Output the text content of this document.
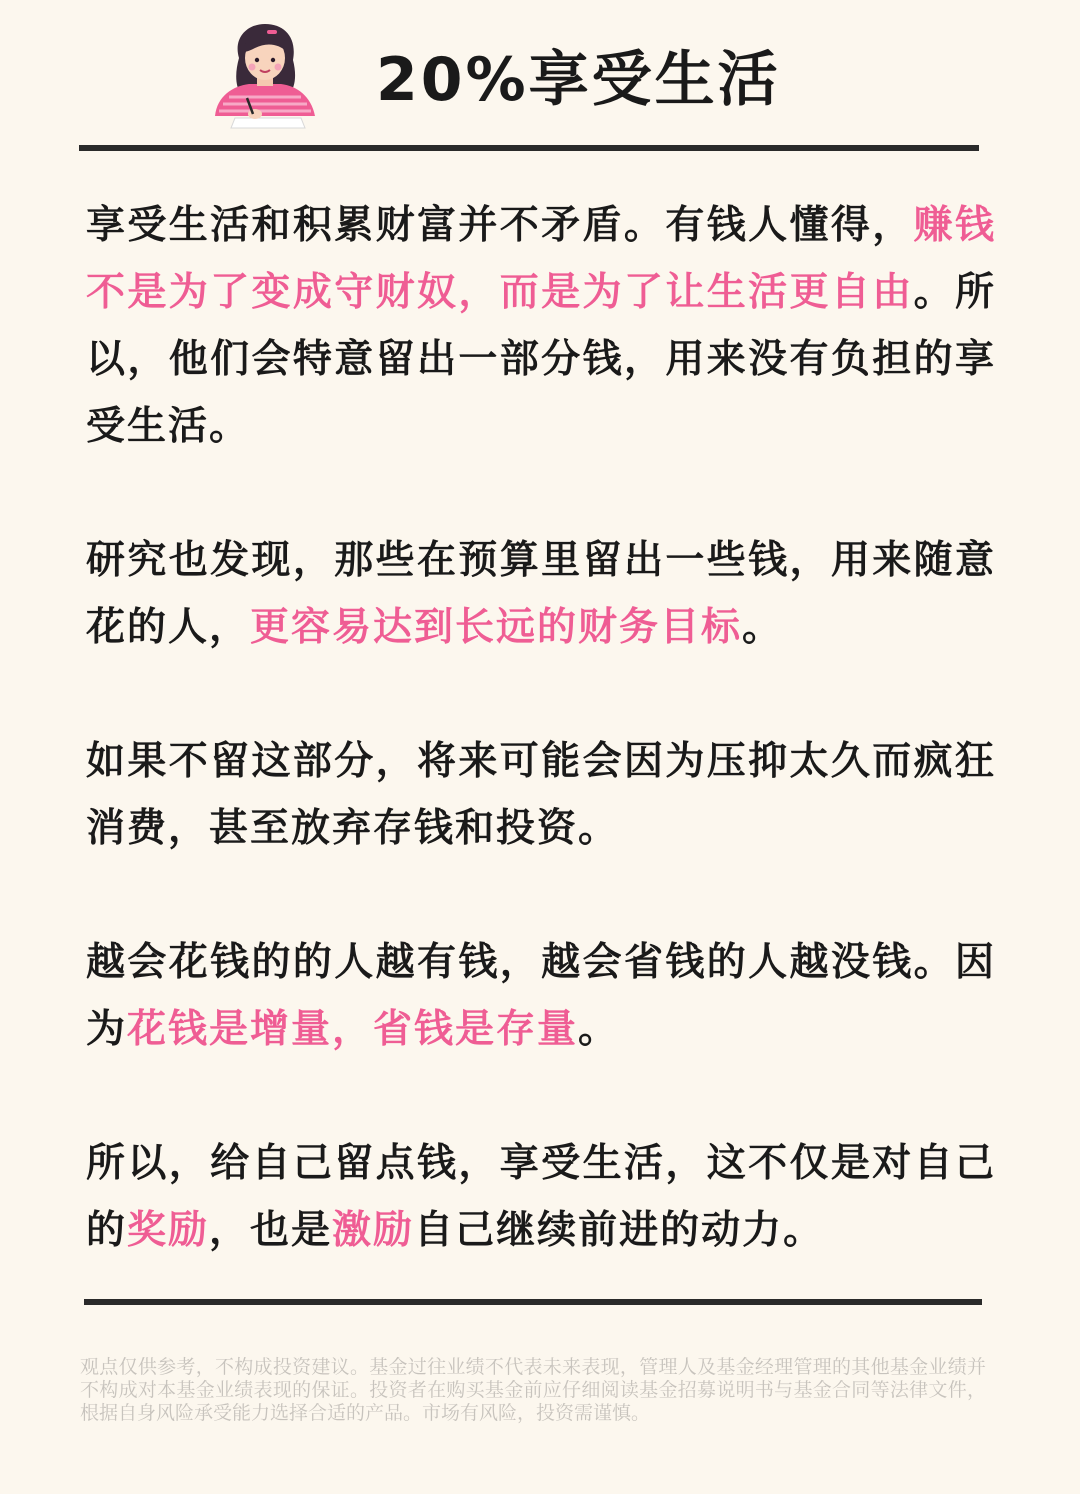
20%享受生活

享受生活和积累财富并不矛盾。有钱人懂得，赚钱不是为了变成守财奴，而是为了让生活更自由。所以，他们会特意留出一部分钱，用来没有负担的享受生活。

研究也发现，那些在预算里留出一些钱，用来随意花的人，更容易达到长远的财务目标。

如果不留这部分，将来可能会因为压抑太久而疯狂消费，甚至放弃存钱和投资。

越会花钱的的人越有钱，越会省钱的人越没钱。因为花钱是增量，省钱是存量。

所以，给自己留点钱，享受生活，这不仅是对自己的奖励，也是激励自己继续前进的动力。

观点仅供参考，不构成投资建议。基金过往业绩不代表未来表现，管理人及基金经理管理的其他基金业绩并不构成对本基金业绩表现的保证。投资者在购买基金前应仔细阅读基金招募说明书与基金合同等法律文件，根据自身风险承受能力选择合适的产品。市场有风险，投资需谨慎。
